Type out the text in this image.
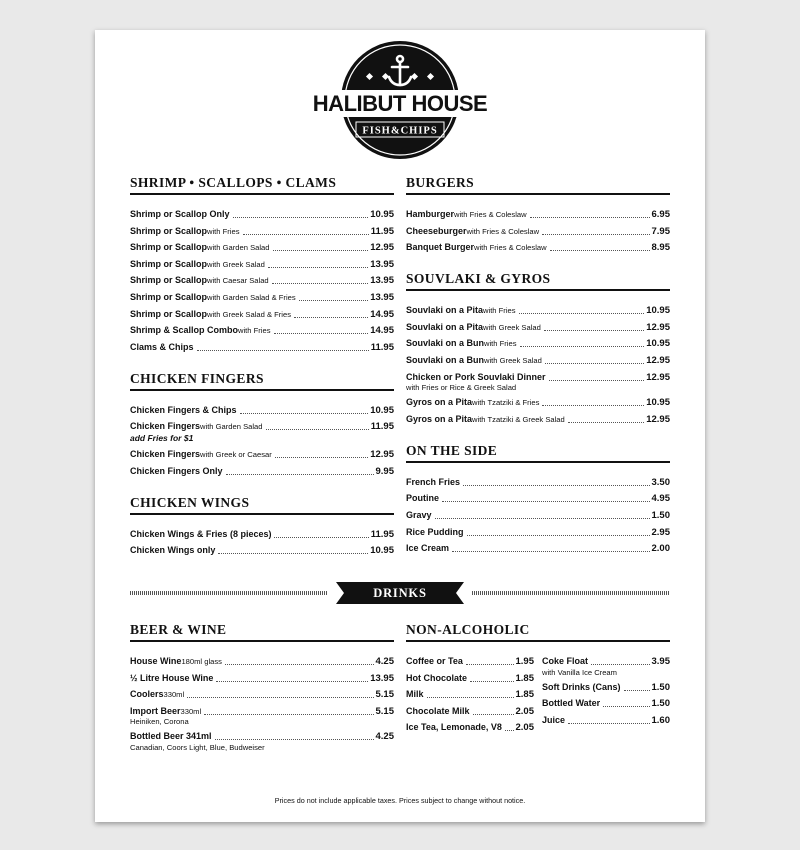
HALIBUT HOUSE
FISH&CHIPS
SHRIMP • SCALLOPS • CLAMS
Shrimp or Scallop Only	10.95
Shrimp or Scallop with Fries	11.95
Shrimp or Scallop with Garden Salad	12.95
Shrimp or Scallop with Greek Salad	13.95
Shrimp or Scallop with Caesar Salad	13.95
Shrimp or Scallop with Garden Salad & Fries	13.95
Shrimp or Scallop with Greek Salad & Fries	14.95
Shrimp & Scallop Combo with Fries	14.95
Clams & Chips	11.95
CHICKEN FINGERS
Chicken Fingers & Chips	10.95
Chicken Fingers with Garden Salad	11.95
add Fries for $1
Chicken Fingers with Greek or Caesar	12.95
Chicken Fingers Only	9.95
CHICKEN WINGS
Chicken Wings & Fries (8 pieces)	11.95
Chicken Wings only	10.95
BURGERS
Hamburger with Fries & Coleslaw	6.95
Cheeseburger with Fries & Coleslaw	7.95
Banquet Burger with Fries & Coleslaw	8.95
SOUVLAKI & GYROS
Souvlaki on a Pita with Fries	10.95
Souvlaki on a Pita with Greek Salad	12.95
Souvlaki on a Bun with Fries	10.95
Souvlaki on a Bun with Greek Salad	12.95
Chicken or Pork Souvlaki Dinner	12.95
with Fries or Rice & Greek Salad
Gyros on a Pita with Tzatziki & Fries	10.95
Gyros on a Pita with Tzatziki & Greek Salad	12.95
ON THE SIDE
French Fries	3.50
Poutine	4.95
Gravy	1.50
Rice Pudding	2.95
Ice Cream	2.00
DRINKS
BEER & WINE
House Wine 180ml glass	4.25
½ Litre House Wine	13.95
Coolers 330ml	5.15
Import Beer 330ml	5.15
Heiniken, Corona
Bottled Beer 341ml	4.25
Canadian, Coors Light, Blue, Budweiser
NON-ALCOHOLIC
Coffee or Tea	1.95
Hot Chocolate	1.85
Milk	1.85
Chocolate Milk	2.05
Ice Tea, Lemonade, V8 2.05
Coke Float	3.95
with Vanilla Ice Cream
Soft Drinks (Cans)	1.50
Bottled Water	1.50
Juice	1.60
Prices do not include applicable taxes. Prices subject to change without notice.
